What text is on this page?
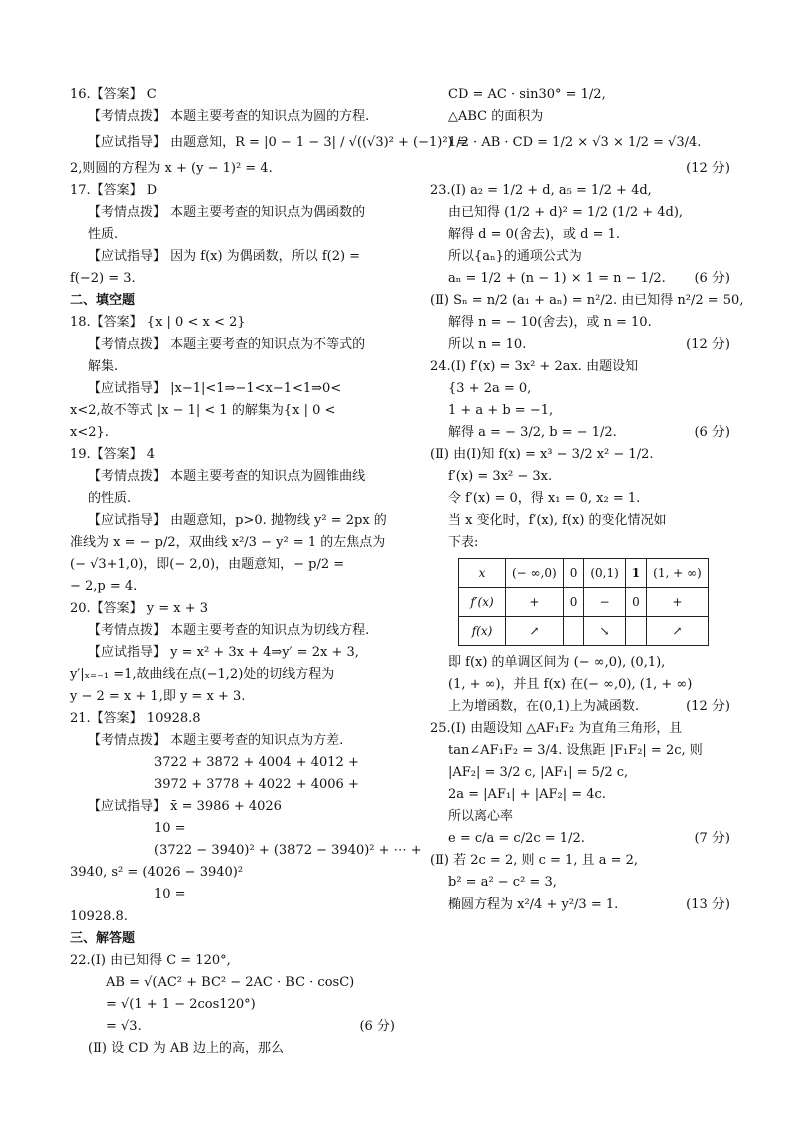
16.【答案】 C
【考情点拨】 本题主要考查的知识点为圆的方程.
【应试指导】 由题意知，R = |0 − 1 − 3| / √((√3)² + (−1)²) =
2,则圆的方程为 x + (y − 1)² = 4.
17.【答案】 D
【考情点拨】 本题主要考查的知识点为偶函数的
性质.
【应试指导】 因为 f(x) 为偶函数，所以 f(2) =
f(−2) = 3.
二、填空题
18.【答案】 {x | 0 < x < 2}
【考情点拨】 本题主要考查的知识点为不等式的
解集.
【应试指导】 |x−1|<1⇒−1<x−1<1⇒0<
x<2,故不等式 |x − 1| < 1 的解集为{x | 0 <
x<2}.
19.【答案】 4
【考情点拨】 本题主要考查的知识点为圆锥曲线
的性质.
【应试指导】 由题意知，p>0. 抛物线 y² = 2px 的
准线为 x = − p/2，双曲线 x²/3 − y² = 1 的左焦点为
(− √3+1,0)，即(− 2,0)，由题意知，− p/2 =
− 2,p = 4.
20.【答案】 y = x + 3
【考情点拨】 本题主要考查的知识点为切线方程.
【应试指导】 y = x² + 3x + 4⇒y′ = 2x + 3,
y′|ₓ₌₋₁ =1,故曲线在点(−1,2)处的切线方程为
y − 2 = x + 1,即 y = x + 3.
21.【答案】 10928.8
【考情点拨】 本题主要考查的知识点为方差.
3722 + 3872 + 4004 + 4012 +
3972 + 3778 + 4022 + 4006 +
【应试指导】 x̄ = 3986 + 4026
10 =
(3722 − 3940)² + (3872 − 3940)² + ⋯ +
3940, s² = (4026 − 3940)²
10 =
10928.8.
三、解答题
22.(Ⅰ) 由已知得 C = 120°,
AB = √(AC² + BC² − 2AC · BC · cosC)
= √(1 + 1 − 2cos120°)
= √3.	(6 分)
(Ⅱ) 设 CD 为 AB 边上的高，那么
CD = AC · sin30° = 1/2,
△ABC 的面积为
1/2 · AB · CD = 1/2 × √3 × 1/2 = √3/4.
(12 分)
23.(Ⅰ) a₂ = 1/2 + d, a₅ = 1/2 + 4d,
由已知得 (1/2 + d)² = 1/2 (1/2 + 4d),
解得 d = 0(舍去)，或 d = 1.
所以{aₙ}的通项公式为
aₙ = 1/2 + (n − 1) × 1 = n − 1/2. (6 分)
(Ⅱ) Sₙ = n/2 (a₁ + aₙ) = n²/2. 由已知得 n²/2 = 50,
解得 n = − 10(舍去)，或 n = 10.
所以 n = 10.	(12 分)
24.(Ⅰ) f′(x) = 3x² + 2ax. 由题设知
{3 + 2a = 0,
1 + a + b = −1,
解得 a = − 3/2, b = − 1/2.	(6 分)
(Ⅱ) 由(Ⅰ)知 f(x) = x³ − 3/2 x² − 1/2.
f′(x) = 3x² − 3x.
令 f′(x) = 0，得 x₁ = 0, x₂ = 1.
当 x 变化时，f′(x), f(x) 的变化情况如
下表:
x	(− ∞,0)	0	(0,1)	1	(1, + ∞)
f′(x)	+	0	−	0	+
f(x)	↗		↘		↗
即 f(x) 的单调区间为 (− ∞,0), (0,1),
(1, + ∞)，并且 f(x) 在(− ∞,0), (1, + ∞)
上为增函数，在(0,1)上为减函数.	(12 分)
25.(Ⅰ) 由题设知 △AF₁F₂ 为直角三角形，且
tan∠AF₁F₂ = 3/4. 设焦距 |F₁F₂| = 2c, 则
|AF₂| = 3/2 c, |AF₁| = 5/2 c,
2a = |AF₁| + |AF₂| = 4c.
所以离心率
e = c/a = c/2c = 1/2.	(7 分)
(Ⅱ) 若 2c = 2, 则 c = 1, 且 a = 2,
b² = a² − c² = 3,
椭圆方程为 x²/4 + y²/3 = 1.	(13 分)
